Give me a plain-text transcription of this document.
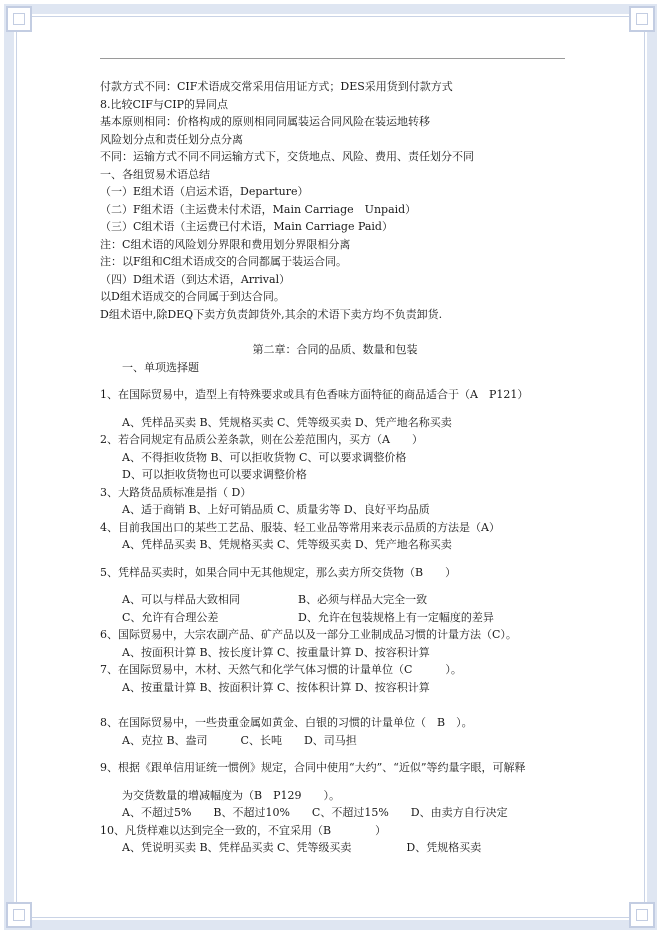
付款方式不同：CIF术语成交常采用信用证方式；DES采用货到付款方式

8.比较CIF与CIP的异同点

基本原则相同：价格构成的原则相同同属装运合同风险在装运地转移

风险划分点和责任划分点分离

不同：运输方式不同不同运输方式下，交货地点、风险、费用、责任划分不同

一、各组贸易术语总结

（一）E组术语（启运术语，Departure）

（二）F组术语（主运费未付术语，Main Carriage　Unpaid）

（三）C组术语（主运费已付术语，Main Carriage Paid）

注：C组术语的风险划分界限和费用划分界限相分离

注：以F组和C组术语成交的合同都属于装运合同。

（四）D组术语（到达术语，Arrival）

以D组术语成交的合同属于到达合同。

D组术语中,除DEQ下卖方负责卸货外,其余的术语下卖方均不负责卸货.

第二章：合同的品质、数量和包装

一、单项选择题

1、在国际贸易中，造型上有特殊要求或具有色香味方面特征的商品适合于（A　P121）

A、凭样品买卖 B、凭规格买卖 C、凭等级买卖 D、凭产地名称买卖

2、若合同规定有品质公差条款，则在公差范围内，买方（A　　）

A、不得拒收货物 B、可以拒收货物 C、可以要求调整价格

D、可以拒收货物也可以要求调整价格

3、大路货品质标准是指（ D）

A、适于商销 B、上好可销品质 C、质量劣等 D、良好平均品质

4、目前我国出口的某些工艺品、服装、轻工业品等常用来表示品质的方法是（A）

A、凭样品买卖 B、凭规格买卖 C、凭等级买卖 D、凭产地名称买卖

5、凭样品买卖时，如果合同中无其他规定，那么卖方所交货物（B　　）

A、可以与样品大致相同	B、必须与样品大完全一致

C、允许有合理公差	D、允许在包装规格上有一定幅度的差异

6、国际贸易中，大宗农副产品、矿产品以及一部分工业制成品习惯的计量方法（C）。

A、按面积计算 B、按长度计算 C、按重量计算 D、按容积计算

7、在国际贸易中，木材、天然气和化学气体习惯的计量单位（C　　　）。

A、按重量计算 B、按面积计算 C、按体积计算 D、按容积计算

8、在国际贸易中，一些贵重金属如黄金、白银的习惯的计量单位（　B　）。

A、克拉 B、盎司　　　C、长吨　　D、司马担

9、根据《跟单信用证统一惯例》规定，合同中使用“大约”、“近似”等约量字眼，可解释

为交货数量的增减幅度为（B　P129　　）。

A、不超过5%　　B、不超过10%　　C、不超过15%　　D、由卖方自行决定

10、凡货样难以达到完全一致的，不宜采用（B　　　　）

A、凭说明买卖 B、凭样品买卖 C、凭等级买卖　　　　　D、凭规格买卖
